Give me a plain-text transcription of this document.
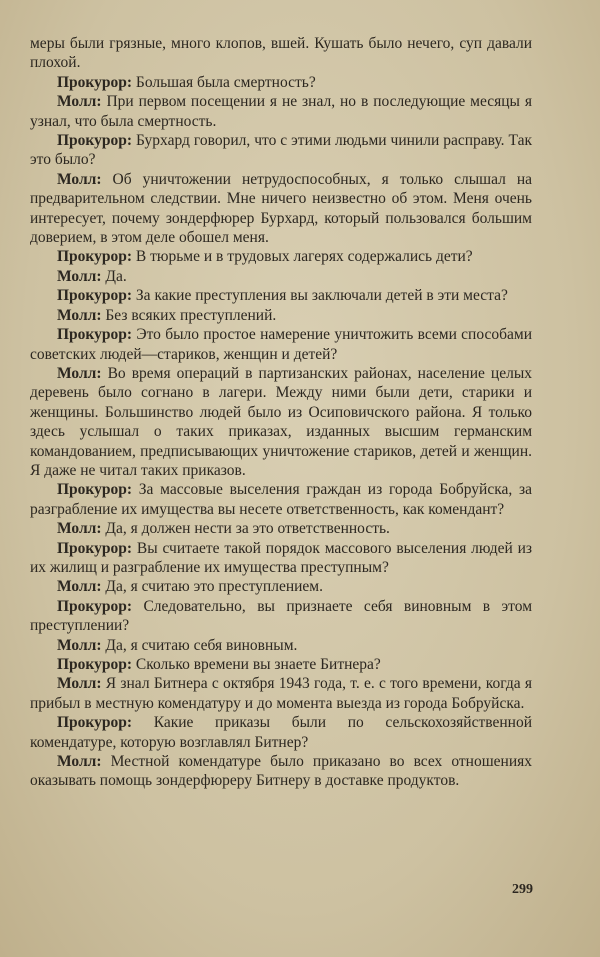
меры были грязные, много клопов, вшей. Кушать было нечего, суп давали плохой.

Прокурор: Большая была смертность?

Молл: При первом посещении я не знал, но в последующие месяцы я узнал, что была смертность.

Прокурор: Бурхард говорил, что с этими людьми чинили расправу. Так это было?

Молл: Об уничтожении нетрудоспособных, я только слышал на предварительном следствии. Мне ничего неизвестно об этом. Меня очень интересует, почему зондерфюрер Бурхард, который пользовался большим доверием, в этом деле обошел меня.

Прокурор: В тюрьме и в трудовых лагерях содержались дети?

Молл: Да.

Прокурор: За какие преступления вы заключали детей в эти места?

Молл: Без всяких преступлений.

Прокурор: Это было простое намерение уничтожить всеми способами советских людей—стариков, женщин и детей?

Молл: Во время операций в партизанских районах, население целых деревень было согнано в лагери. Между ними были дети, старики и женщины. Большинство людей было из Осиповичского района. Я только здесь услышал о таких приказах, изданных высшим германским командованием, предписывающих уничтожение стариков, детей и женщин. Я даже не читал таких приказов.

Прокурор: За массовые выселения граждан из города Бобруйска, за разграбление их имущества вы несете ответственность, как комендант?

Молл: Да, я должен нести за это ответственность.

Прокурор: Вы считаете такой порядок массового выселения людей из их жилищ и разграбление их имущества преступным?

Молл: Да, я считаю это преступлением.

Прокурор: Следовательно, вы признаете себя виновным в этом преступлении?

Молл: Да, я считаю себя виновным.

Прокурор: Сколько времени вы знаете Битнера?

Молл: Я знал Битнера с октября 1943 года, т. е. с того времени, когда я прибыл в местную комендатуру и до момента выезда из города Бобруйска.

Прокурор: Какие приказы были по сельскохозяйственной комендатуре, которую возглавлял Битнер?

Молл: Местной комендатуре было приказано во всех отношениях оказывать помощь зондерфюреру Битнеру в доставке продуктов.

299
